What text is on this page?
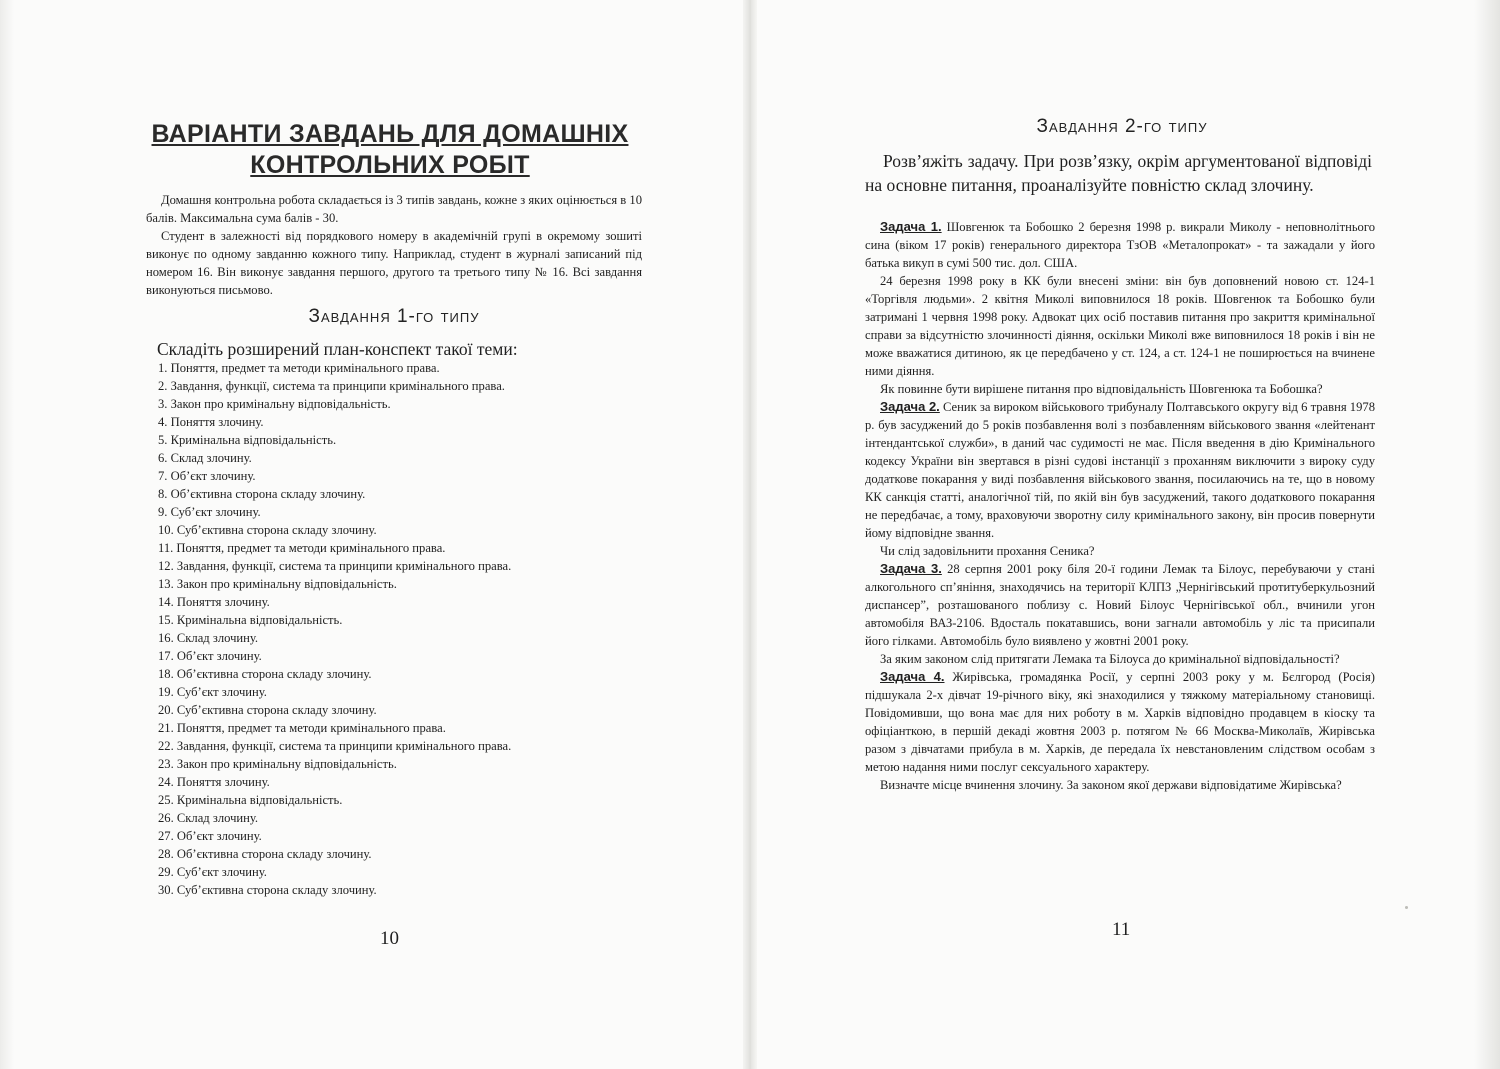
ВАРІАНТИ ЗАВДАНЬ ДЛЯ ДОМАШНІХ
КОНТРОЛЬНИХ РОБІТ

Домашня контрольна робота складається із 3 типів завдань, кожне з яких оцінюється в 10 балів. Максимальна сума балів - 30.

Студент в залежності від порядкового номеру в академічній групі в окремому зошиті виконує по одному завданню кожного типу. Наприклад, студент в журналі записаний під номером 16. Він виконує завдання першого, другого та третього типу № 16. Всі завдання виконуються письмово.

Завдання 1-го типу
Складіть розширений план-конспект такої теми:
1. Поняття, предмет та методи кримінального права.
2. Завдання, функції, система та принципи кримінального права.
3. Закон про кримінальну відповідальність.
4. Поняття злочину.
5. Кримінальна відповідальність.
6. Склад злочину.
7. Об’єкт злочину.
8. Об’єктивна сторона складу злочину.
9. Суб’єкт злочину.
10. Суб’єктивна сторона складу злочину.
11. Поняття, предмет та методи кримінального права.
12. Завдання, функції, система та принципи кримінального права.
13. Закон про кримінальну відповідальність.
14. Поняття злочину.
15. Кримінальна відповідальність.
16. Склад злочину.
17. Об’єкт злочину.
18. Об’єктивна сторона складу злочину.
19. Суб’єкт злочину.
20. Суб’єктивна сторона складу злочину.
21. Поняття, предмет та методи кримінального права.
22. Завдання, функції, система та принципи кримінального права.
23. Закон про кримінальну відповідальність.
24. Поняття злочину.
25. Кримінальна відповідальність.
26. Склад злочину.
27. Об’єкт злочину.
28. Об’єктивна сторона складу злочину.
29. Суб’єкт злочину.
30. Суб’єктивна сторона складу злочину.
10
Завдання 2-го типу
Розв’яжіть задачу. При розв’язку, окрім аргументованої відповіді на основне питання, проаналізуйте повністю склад злочину.

Задача 1. Шовгенюк та Бобошко 2 березня 1998 р. викрали Миколу - неповнолітнього сина (віком 17 років) генерального директора ТзОВ «Металопрокат» - та зажадали у його батька викуп в сумі 500 тис. дол. США.

24 березня 1998 року в КК були внесені зміни: він був доповнений новою ст. 124-1 «Торгівля людьми». 2 квітня Миколі виповнилося 18 років. Шовгенюк та Бобошко були затримані 1 червня 1998 року. Адвокат цих осіб поставив питання про закриття кримінальної справи за відсутністю злочинності діяння, оскільки Миколі вже виповнилося 18 років і він не може вважатися дитиною, як це передбачено у ст. 124, а ст. 124-1 не поширюється на вчинене ними діяння.

Як повинне бути вирішене питання про відповідальність Шовгенюка та Бобошка?

Задача 2. Сеник за вироком військового трибуналу Полтавського округу від 6 травня 1978 р. був засуджений до 5 років позбавлення волі з позбавленням військового звання «лейтенант інтендантської служби», в даний час судимості не має. Після введення в дію Кримінального кодексу України він звертався в різні судові інстанції з проханням виключити з вироку суду додаткове покарання у виді позбавлення військового звання, посилаючись на те, що в новому КК санкція статті, аналогічної тій, по якій він був засуджений, такого додаткового покарання не передбачає, а тому, враховуючи зворотну силу кримінального закону, він просив повернути йому відповідне звання.

Чи слід задовільнити прохання Сеника?

Задача 3. 28 серпня 2001 року біля 20-ї години Лемак та Білоус, перебуваючи у стані алкогольного сп’яніння, знаходячись на території КЛПЗ „Чернігівський протитуберкульозний диспансер”, розташованого поблизу с. Новий Білоус Чернігівської обл., вчинили угон автомобіля ВАЗ-2106. Вдосталь покатавшись, вони загнали автомобіль у ліс та присипали його гілками. Автомобіль було виявлено у жовтні 2001 року.

За яким законом слід притягати Лемака та Білоуса до кримінальної відповідальності?

Задача 4. Жирівська, громадянка Росії, у серпні 2003 року у м. Бєлгород (Росія) підшукала 2-х дівчат 19-річного віку, які знаходилися у тяжкому матеріальному становищі. Повідомивши, що вона має для них роботу в м. Харків відповідно продавцем в кіоску та офіціанткою, в першій декаді жовтня 2003 р. потягом № 66 Москва-Миколаїв, Жирівська разом з дівчатами прибула в м. Харків, де передала їх невстановленим слідством особам з метою надання ними послуг сексуального характеру.

Визначте місце вчинення злочину. За законом якої держави відповідатиме Жирівська?

11
